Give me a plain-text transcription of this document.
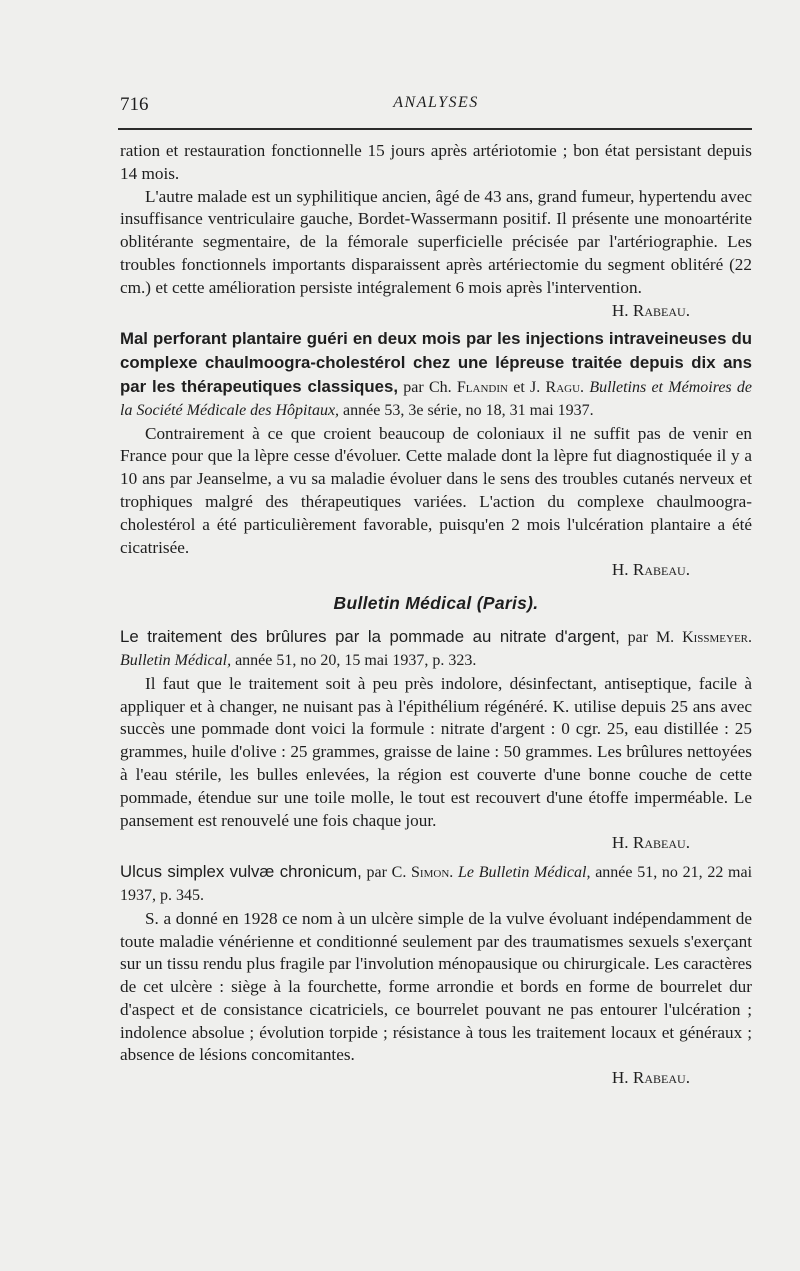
716	ANALYSES

ration et restauration fonctionnelle 15 jours après artériotomie ; bon état persistant depuis 14 mois.

L'autre malade est un syphilitique ancien, âgé de 43 ans, grand fumeur, hypertendu avec insuffisance ventriculaire gauche, Bordet-Wassermann positif. Il présente une monoartérite oblitérante segmentaire, de la fémorale superficielle précisée par l'artériographie. Les troubles fonctionnels importants disparaissent après artériectomie du segment oblitéré (22 cm.) et cette amélioration persiste intégralement 6 mois après l'intervention.
H. Rabeau.

Mal perforant plantaire guéri en deux mois par les injections intraveineuses du complexe chaulmoogra-cholestérol chez une lépreuse traitée depuis dix ans par les thérapeutiques classiques, par Ch. Flandin et J. Ragu. Bulletins et Mémoires de la Société Médicale des Hôpitaux, année 53, 3e série, no 18, 31 mai 1937.

Contrairement à ce que croient beaucoup de coloniaux il ne suffit pas de venir en France pour que la lèpre cesse d'évoluer. Cette malade dont la lèpre fut diagnostiquée il y a 10 ans par Jeanselme, a vu sa maladie évoluer dans le sens des troubles cutanés nerveux et trophiques malgré des thérapeutiques variées. L'action du complexe chaulmoogra-cholestérol a été particulièrement favorable, puisqu'en 2 mois l'ulcération plantaire a été cicatrisée.
H. Rabeau.

Bulletin Médical (Paris).
Le traitement des brûlures par la pommade au nitrate d'argent, par M. Kissmeyer. Bulletin Médical, année 51, no 20, 15 mai 1937, p. 323.

Il faut que le traitement soit à peu près indolore, désinfectant, antiseptique, facile à appliquer et à changer, ne nuisant pas à l'épithélium régénéré. K. utilise depuis 25 ans avec succès une pommade dont voici la formule : nitrate d'argent : 0 cgr. 25, eau distillée : 25 grammes, huile d'olive : 25 grammes, graisse de laine : 50 grammes. Les brûlures nettoyées à l'eau stérile, les bulles enlevées, la région est couverte d'une bonne couche de cette pommade, étendue sur une toile molle, le tout est recouvert d'une étoffe imperméable. Le pansement est renouvelé une fois chaque jour.
H. Rabeau.

Ulcus simplex vulvæ chronicum, par C. Simon. Le Bulletin Médical, année 51, no 21, 22 mai 1937, p. 345.

S. a donné en 1928 ce nom à un ulcère simple de la vulve évoluant indépendamment de toute maladie vénérienne et conditionné seulement par des traumatismes sexuels s'exerçant sur un tissu rendu plus fragile par l'involution ménopausique ou chirurgicale. Les caractères de cet ulcère : siège à la fourchette, forme arrondie et bords en forme de bourrelet dur d'aspect et de consistance cicatriciels, ce bourrelet pouvant ne pas entourer l'ulcération ; indolence absolue ; évolution torpide ; résistance à tous les traitement locaux et généraux ; absence de lésions concomitantes.
H. Rabeau.
